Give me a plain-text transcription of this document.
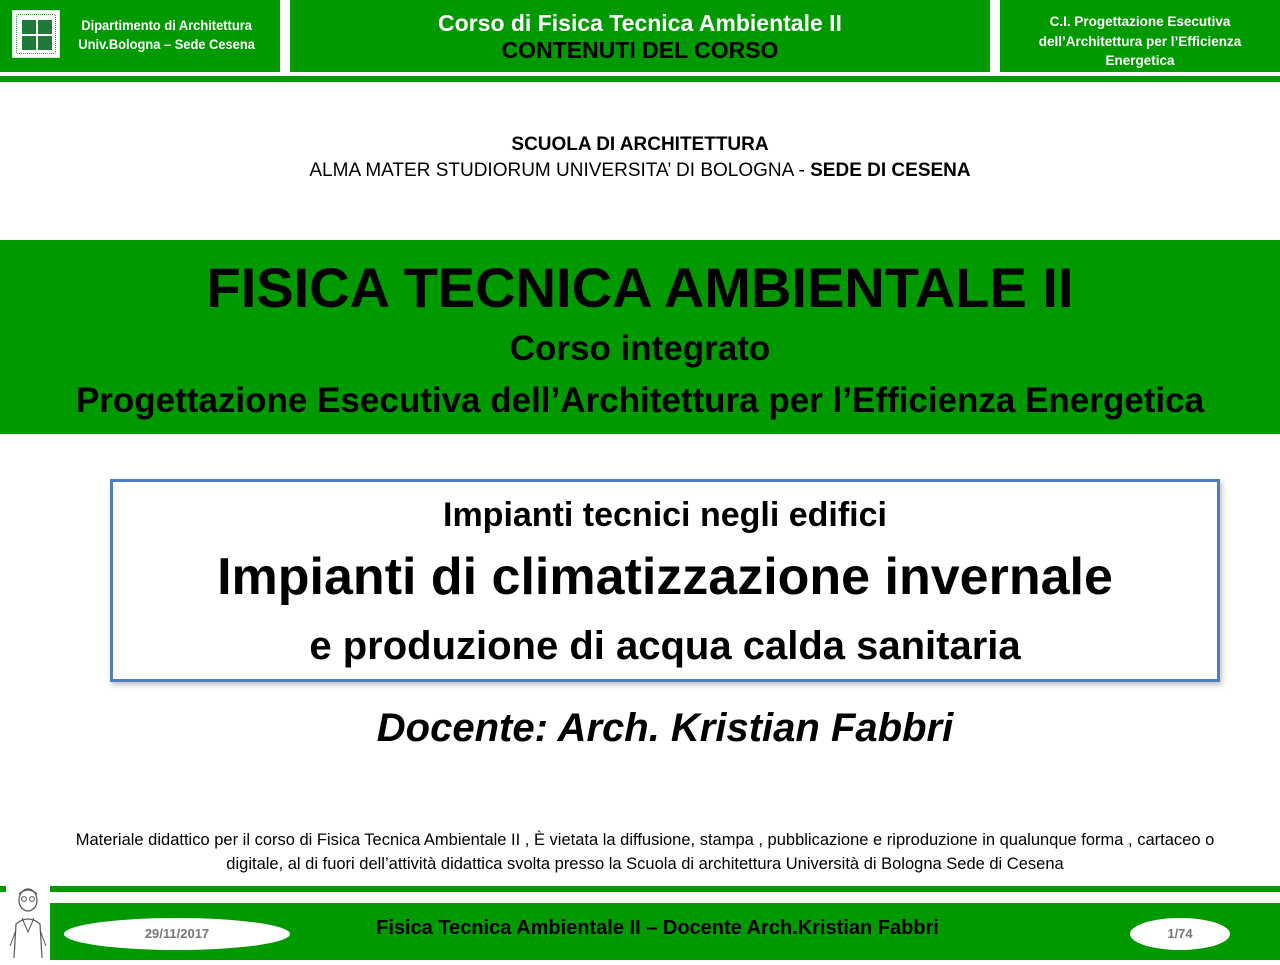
Dipartimento di Architettura
Univ.Bologna – Sede Cesena
Corso di Fisica Tecnica Ambientale II
CONTENUTI DEL CORSO
C.I. Progettazione Esecutiva
dell’Architettura per l’Efficienza
Energetica
SCUOLA DI ARCHITETTURA
ALMA MATER STUDIORUM UNIVERSITA’ DI BOLOGNA - SEDE DI CESENA
FISICA TECNICA AMBIENTALE II
Corso integrato
Progettazione Esecutiva dell’Architettura per l’Efficienza Energetica
Impianti tecnici negli edifici
Impianti di climatizzazione invernale
e produzione di acqua calda sanitaria
Docente: Arch. Kristian Fabbri
Materiale didattico per il corso di Fisica Tecnica Ambientale II , È vietata la diffusione, stampa , pubblicazione e riproduzione in qualunque forma , cartaceo o
digitale, al di fuori dell’attività didattica svolta presso la Scuola di architettura Università di Bologna Sede di Cesena
29/11/2017	Fisica Tecnica Ambientale II – Docente Arch.Kristian Fabbri	1/74
